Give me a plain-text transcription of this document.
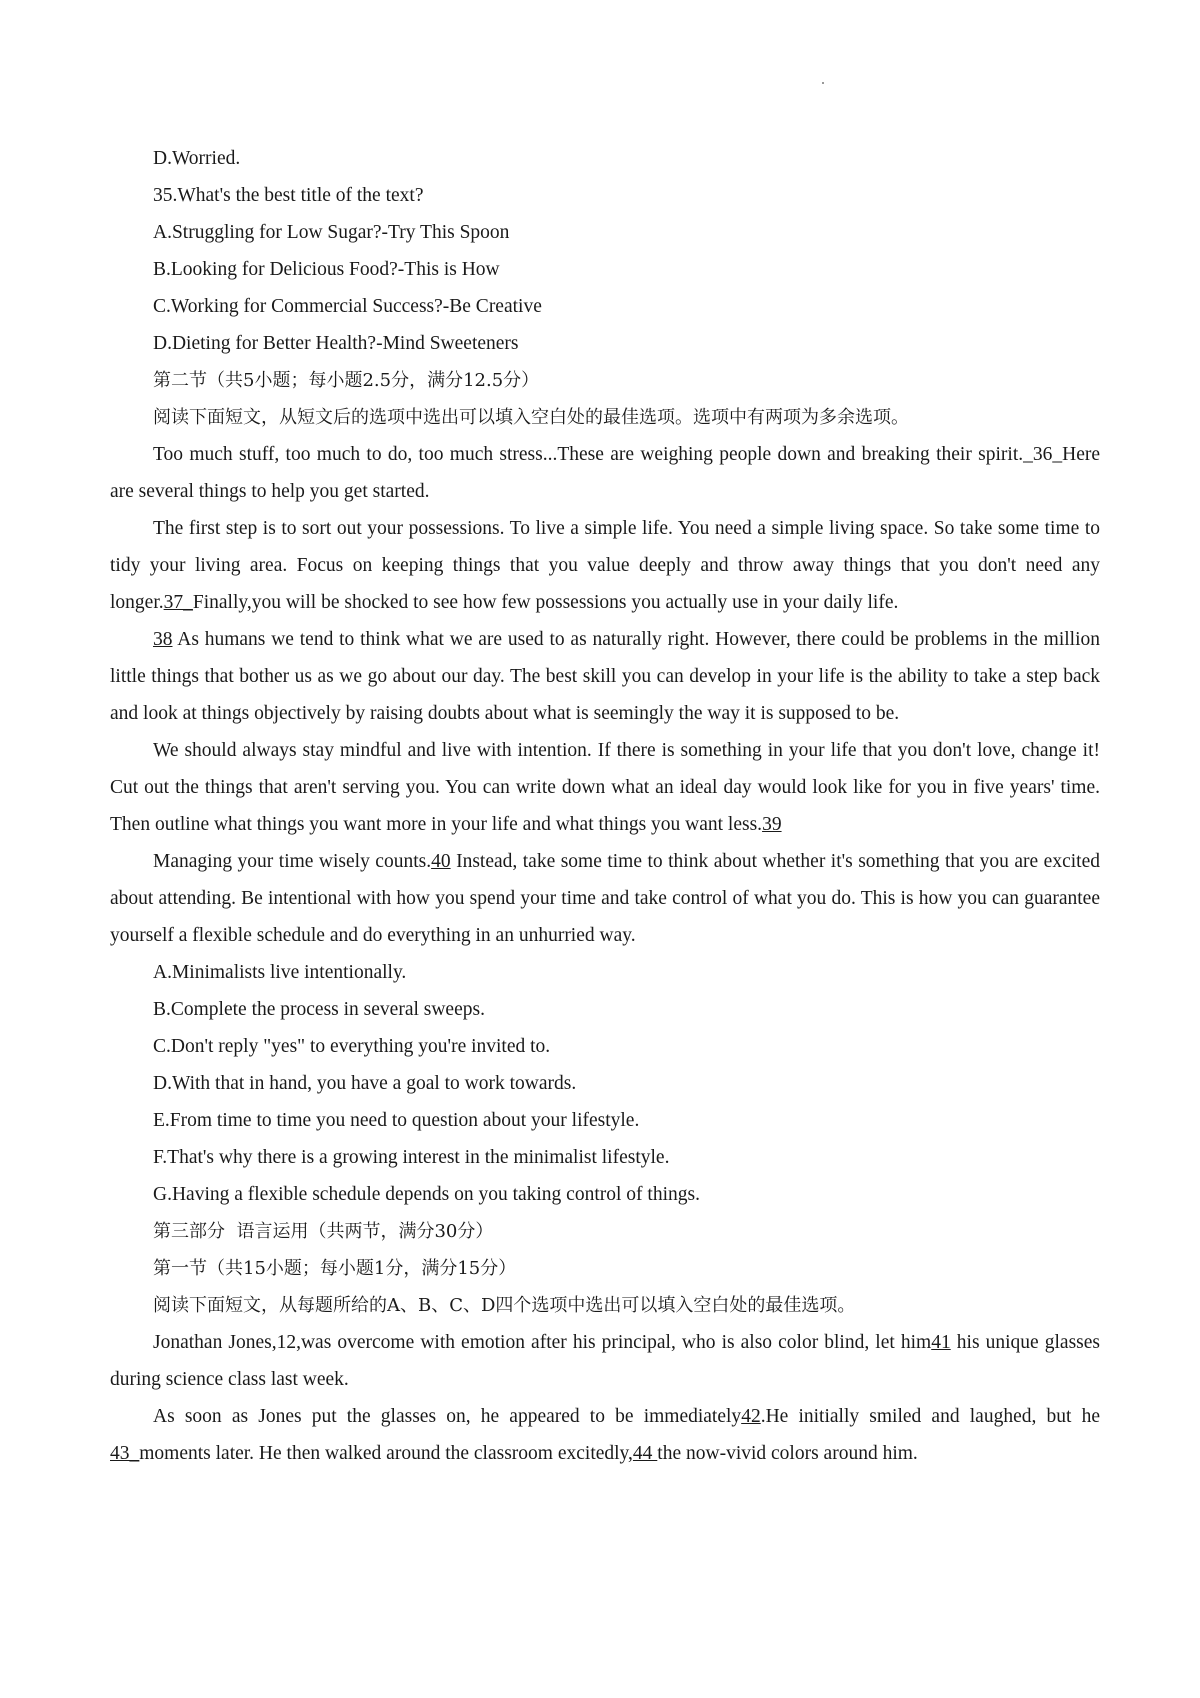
D.Worried.

35.What's the best title of the text?

A.Struggling for Low Sugar?-Try This Spoon

B.Looking for Delicious Food?-This is How

C.Working for Commercial Success?-Be Creative

D.Dieting for Better Health?-Mind Sweeteners

第二节（共5小题；每小题2.5分，满分12.5分）

阅读下面短文，从短文后的选项中选出可以填入空白处的最佳选项。选项中有两项为多余选项。

Too much stuff, too much to do, too much stress...These are weighing people down and breaking their spirit._36_Here are several things to help you get started.

The first step is to sort out your possessions. To live a simple life. You need a simple living space. So take some time to tidy your living area. Focus on keeping things that you value deeply and throw away things that you don't need any longer.37_Finally,you will be shocked to see how few possessions you actually use in your daily life.

38 As humans we tend to think what we are used to as naturally right. However, there could be problems in the million little things that bother us as we go about our day. The best skill you can develop in your life is the ability to take a step back and look at things objectively by raising doubts about what is seemingly the way it is supposed to be.

We should always stay mindful and live with intention. If there is something in your life that you don't love, change it! Cut out the things that aren't serving you. You can write down what an ideal day would look like for you in five years' time. Then outline what things you want more in your life and what things you want less.39

Managing your time wisely counts.40 Instead, take some time to think about whether it's something that you are excited about attending. Be intentional with how you spend your time and take control of what you do. This is how you can guarantee yourself a flexible schedule and do everything in an unhurried way.

A.Minimalists live intentionally.

B.Complete the process in several sweeps.

C.Don't reply "yes" to everything you're invited to.

D.With that in hand, you have a goal to work towards.

E.From time to time you need to question about your lifestyle.

F.That's why there is a growing interest in the minimalist lifestyle.

G.Having a flexible schedule depends on you taking control of things.

第三部分  语言运用（共两节，满分30分）

第一节（共15小题；每小题1分，满分15分）

阅读下面短文，从每题所给的A、B、C、D四个选项中选出可以填入空白处的最佳选项。

Jonathan Jones,12,was overcome with emotion after his principal, who is also color blind, let him41 his unique glasses during science class last week.

As soon as Jones put the glasses on, he appeared to be immediately42.He initially smiled and laughed, but he 43_moments later. He then walked around the classroom excitedly,44 the now-vivid colors around him.
